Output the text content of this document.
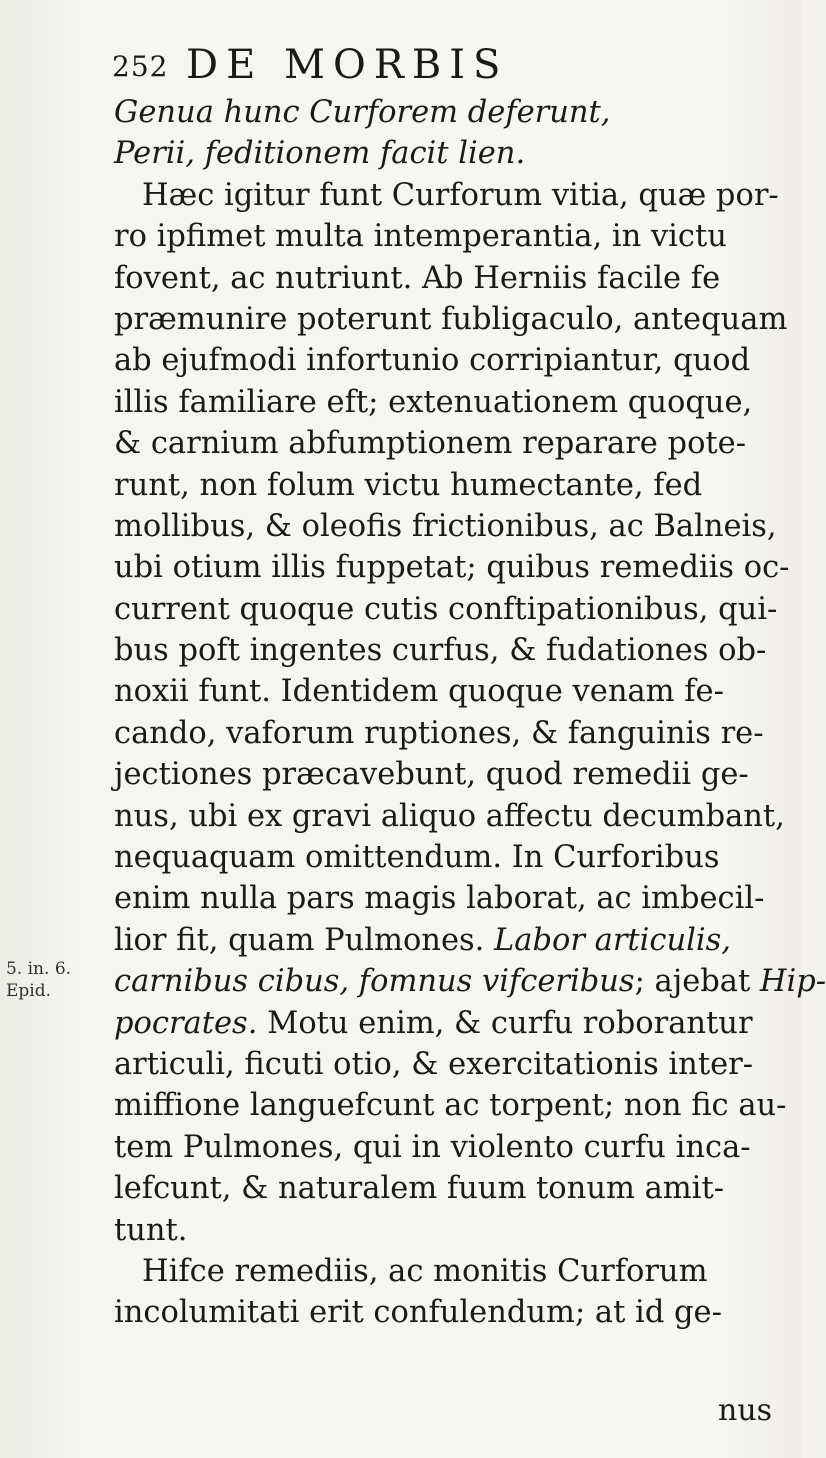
252 DE MORBIS
5. in. 6.
Epid.
Genua hunc Curforem deferunt,
Perii, feditionem facit lien.
Hæc igitur funt Curforum vitia, quæ por-
ro ipfimet multa intemperantia, in victu
fovent, ac nutriunt. Ab Herniis facile fe
præmunire poterunt fubligaculo, antequam
ab ejufmodi infortunio corripiantur, quod
illis familiare eft; extenuationem quoque,
& carnium abfumptionem reparare pote-
runt, non folum victu humectante, fed
mollibus, & oleofis frictionibus, ac Balneis,
ubi otium illis fuppetat; quibus remediis oc-
current quoque cutis conftipationibus, qui-
bus poft ingentes curfus, & fudationes ob-
noxii funt. Identidem quoque venam fe-
cando, vaforum ruptiones, & fanguinis re-
jectiones præcavebunt, quod remedii ge-
nus, ubi ex gravi aliquo affectu decumbant,
nequaquam omittendum. In Curforibus
enim nulla pars magis laborat, ac imbecil-
lior fit, quam Pulmones. Labor articulis,
carnibus cibus, fomnus vifceribus; ajebat Hip-
pocrates. Motu enim, & curfu roborantur
articuli, ficuti otio, & exercitationis inter-
miffione languefcunt ac torpent; non fic au-
tem Pulmones, qui in violento curfu inca-
lefcunt, & naturalem fuum tonum amit-
tunt.
Hifce remediis, ac monitis Curforum
incolumitati erit confulendum; at id ge-
nus
